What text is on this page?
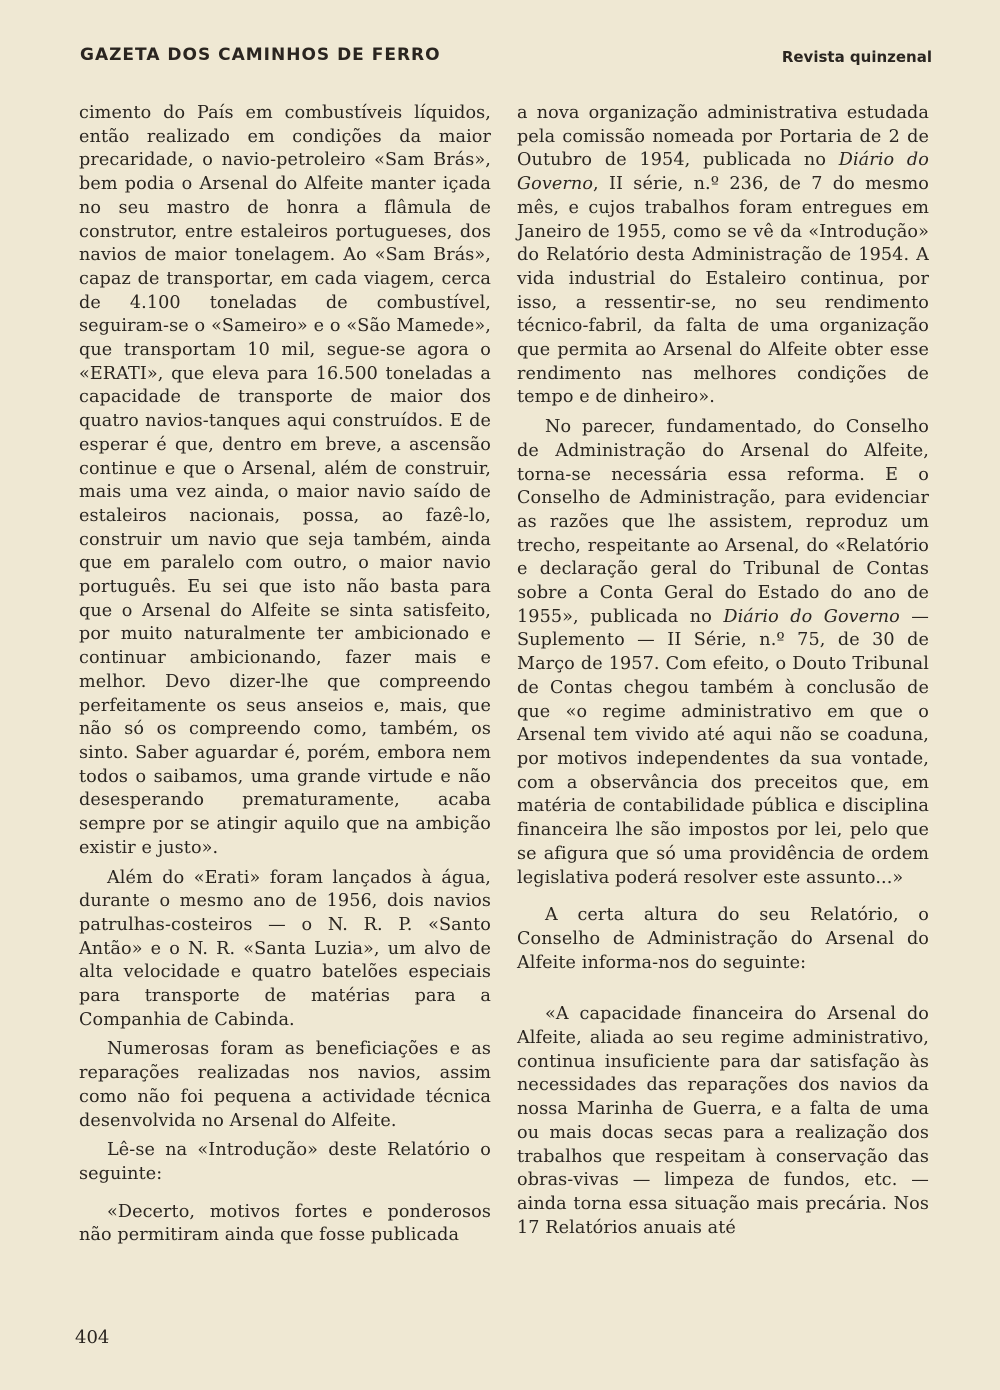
GAZETA DOS CAMINHOS DE FERRO	Revista quinzenal

cimento do País em combustíveis líquidos, então realizado em condições da maior precaridade, o navio-petroleiro «Sam Brás», bem podia o Arsenal do Alfeite manter içada no seu mastro de honra a flâmula de construtor, entre estaleiros portugueses, dos navios de maior tonelagem. Ao «Sam Brás», capaz de transportar, em cada viagem, cerca de 4.100 toneladas de combustível, seguiram-se o «Sameiro» e o «São Mamede», que transportam 10 mil, segue-se agora o «ERATI», que eleva para 16.500 toneladas a capacidade de transporte de maior dos quatro navios-tanques aqui construídos. E de esperar é que, dentro em breve, a ascensão continue e que o Arsenal, além de construir, mais uma vez ainda, o maior navio saído de estaleiros nacionais, possa, ao fazê-lo, construir um navio que seja também, ainda que em paralelo com outro, o maior navio português. Eu sei que isto não basta para que o Arsenal do Alfeite se sinta satisfeito, por muito naturalmente ter ambicionado e continuar ambicionando, fazer mais e melhor. Devo dizer-lhe que compreendo perfeitamente os seus anseios e, mais, que não só os compreendo como, também, os sinto. Saber aguardar é, porém, embora nem todos o saibamos, uma grande virtude e não desesperando prematuramente, acaba sempre por se atingir aquilo que na ambição existir e justo».

Além do «Erati» foram lançados à água, durante o mesmo ano de 1956, dois navios patrulhas-costeiros — o N. R. P. «Santo Antão» e o N. R. «Santa Luzia», um alvo de alta velocidade e quatro batelões especiais para transporte de matérias para a Companhia de Cabinda.

Numerosas foram as beneficiações e as reparações realizadas nos navios, assim como não foi pequena a actividade técnica desenvolvida no Arsenal do Alfeite.

Lê-se na «Introdução» deste Relatório o seguinte:

«Decerto, motivos fortes e ponderosos não permitiram ainda que fosse publicada

a nova organização administrativa estudada pela comissão nomeada por Portaria de 2 de Outubro de 1954, publicada no Diário do Governo, II série, n.º 236, de 7 do mesmo mês, e cujos trabalhos foram entregues em Janeiro de 1955, como se vê da «Introdução» do Relatório desta Administração de 1954. A vida industrial do Estaleiro continua, por isso, a ressentir-se, no seu rendimento técnico-fabril, da falta de uma organização que permita ao Arsenal do Alfeite obter esse rendimento nas melhores condições de tempo e de dinheiro».

No parecer, fundamentado, do Conselho de Administração do Arsenal do Alfeite, torna-se necessária essa reforma. E o Conselho de Administração, para evidenciar as razões que lhe assistem, reproduz um trecho, respeitante ao Arsenal, do «Relatório e declaração geral do Tribunal de Contas sobre a Conta Geral do Estado do ano de 1955», publicada no Diário do Governo — Suplemento — II Série, n.º 75, de 30 de Março de 1957. Com efeito, o Douto Tribunal de Contas chegou também à conclusão de que «o regime administrativo em que o Arsenal tem vivido até aqui não se coaduna, por motivos independentes da sua vontade, com a observância dos preceitos que, em matéria de contabilidade pública e disciplina financeira lhe são impostos por lei, pelo que se afigura que só uma providência de ordem legislativa poderá resolver este assunto...»

A certa altura do seu Relatório, o Conselho de Administração do Arsenal do Alfeite informa-nos do seguinte:

«A capacidade financeira do Arsenal do Alfeite, aliada ao seu regime administrativo, continua insuficiente para dar satisfação às necessidades das reparações dos navios da nossa Marinha de Guerra, e a falta de uma ou mais docas secas para a realização dos trabalhos que respeitam à conservação das obras-vivas — limpeza de fundos, etc. — ainda torna essa situação mais precária. Nos 17 Relatórios anuais até

404
